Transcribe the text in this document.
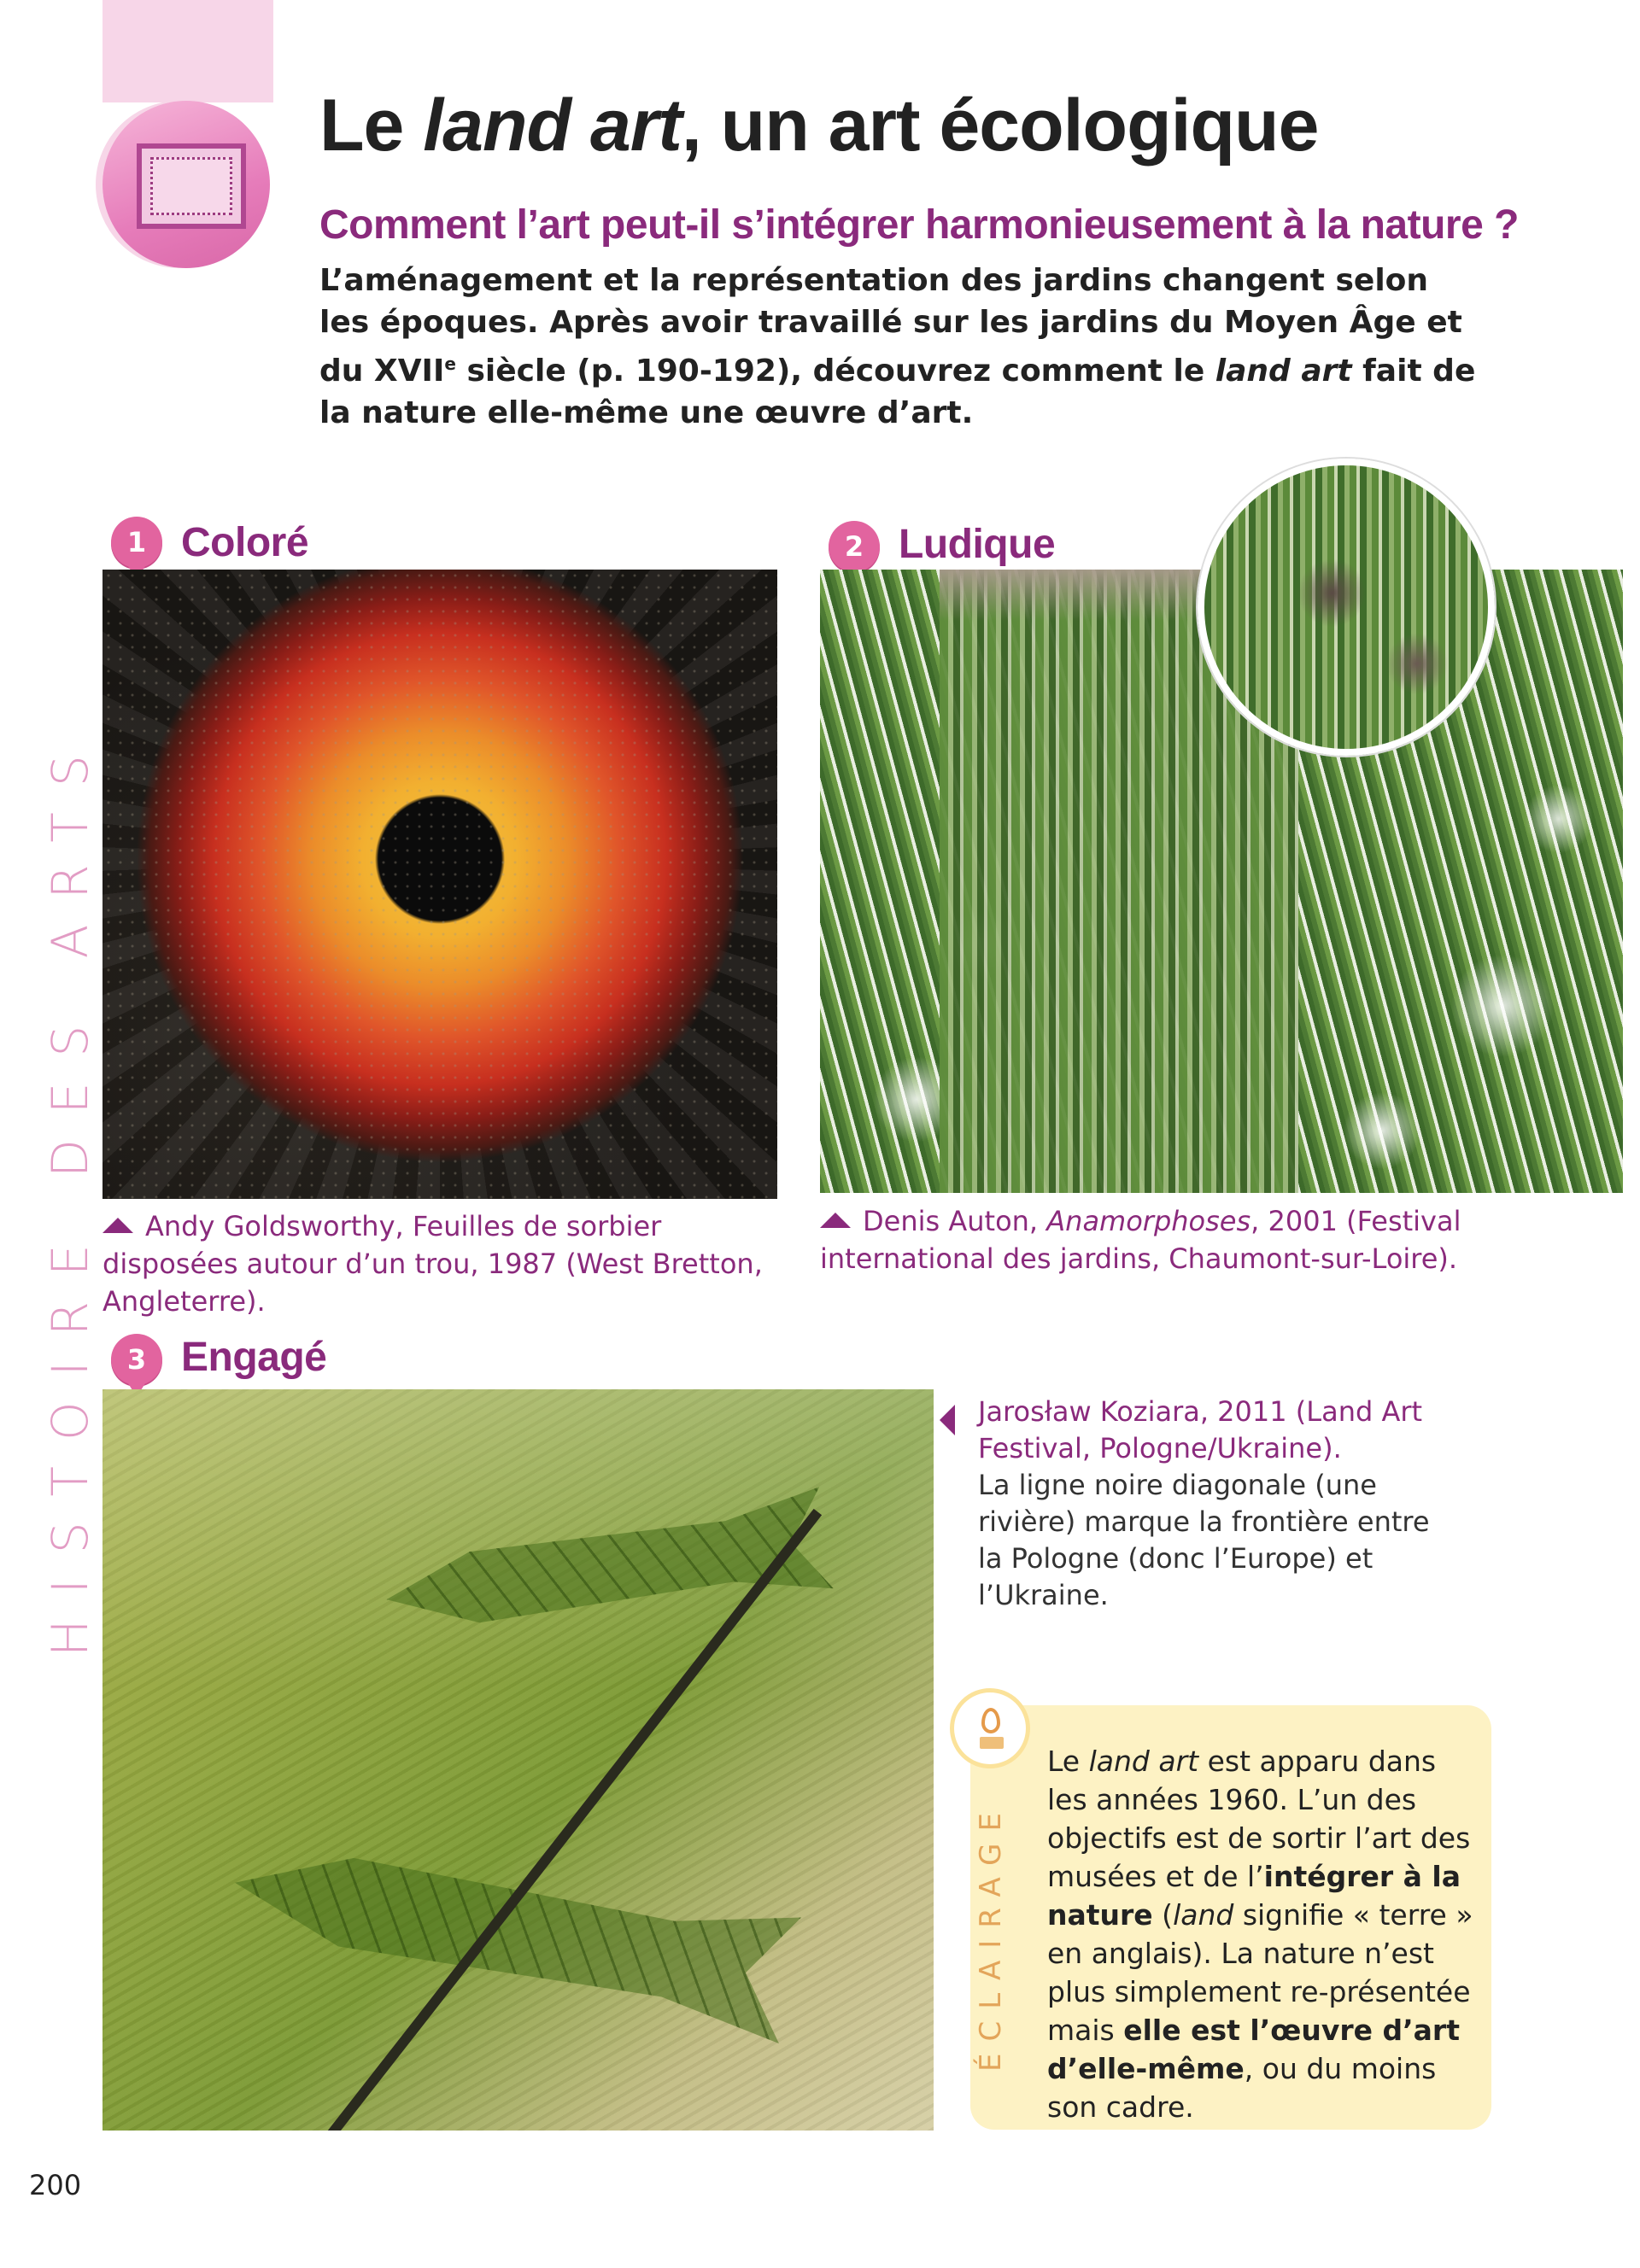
HISTOIRE DES ARTS
Le land art, un art écologique
Comment l’art peut-il s’intégrer harmonieusement à la nature ?
L’aménagement et la représentation des jardins changent selon les époques. Après avoir travaillé sur les jardins du Moyen Âge et du XVIIe siècle (p. 190-192), découvrez comment le land art fait de la nature elle-même une œuvre d’art.
1 Coloré
Andy Goldsworthy, Feuilles de sorbier disposées autour d’un trou, 1987 (West Bretton, Angleterre).
2 Ludique
Denis Auton, Anamorphoses, 2001 (Festival international des jardins, Chaumont-sur-Loire).
3 Engagé
Jarosław Koziara, 2011 (Land Art Festival, Pologne/Ukraine).
La ligne noire diagonale (une rivière) marque la frontière entre la Pologne (donc l’Europe) et l’Ukraine.
ÉCLAIRAGE
Le land art est apparu dans les années 1960. L’un des objectifs est de sortir l’art des musées et de l’intégrer à la nature (land signifie « terre » en anglais). La nature n’est plus simplement re-présentée mais elle est l’œuvre d’art d’elle-même, ou du moins son cadre.
200
